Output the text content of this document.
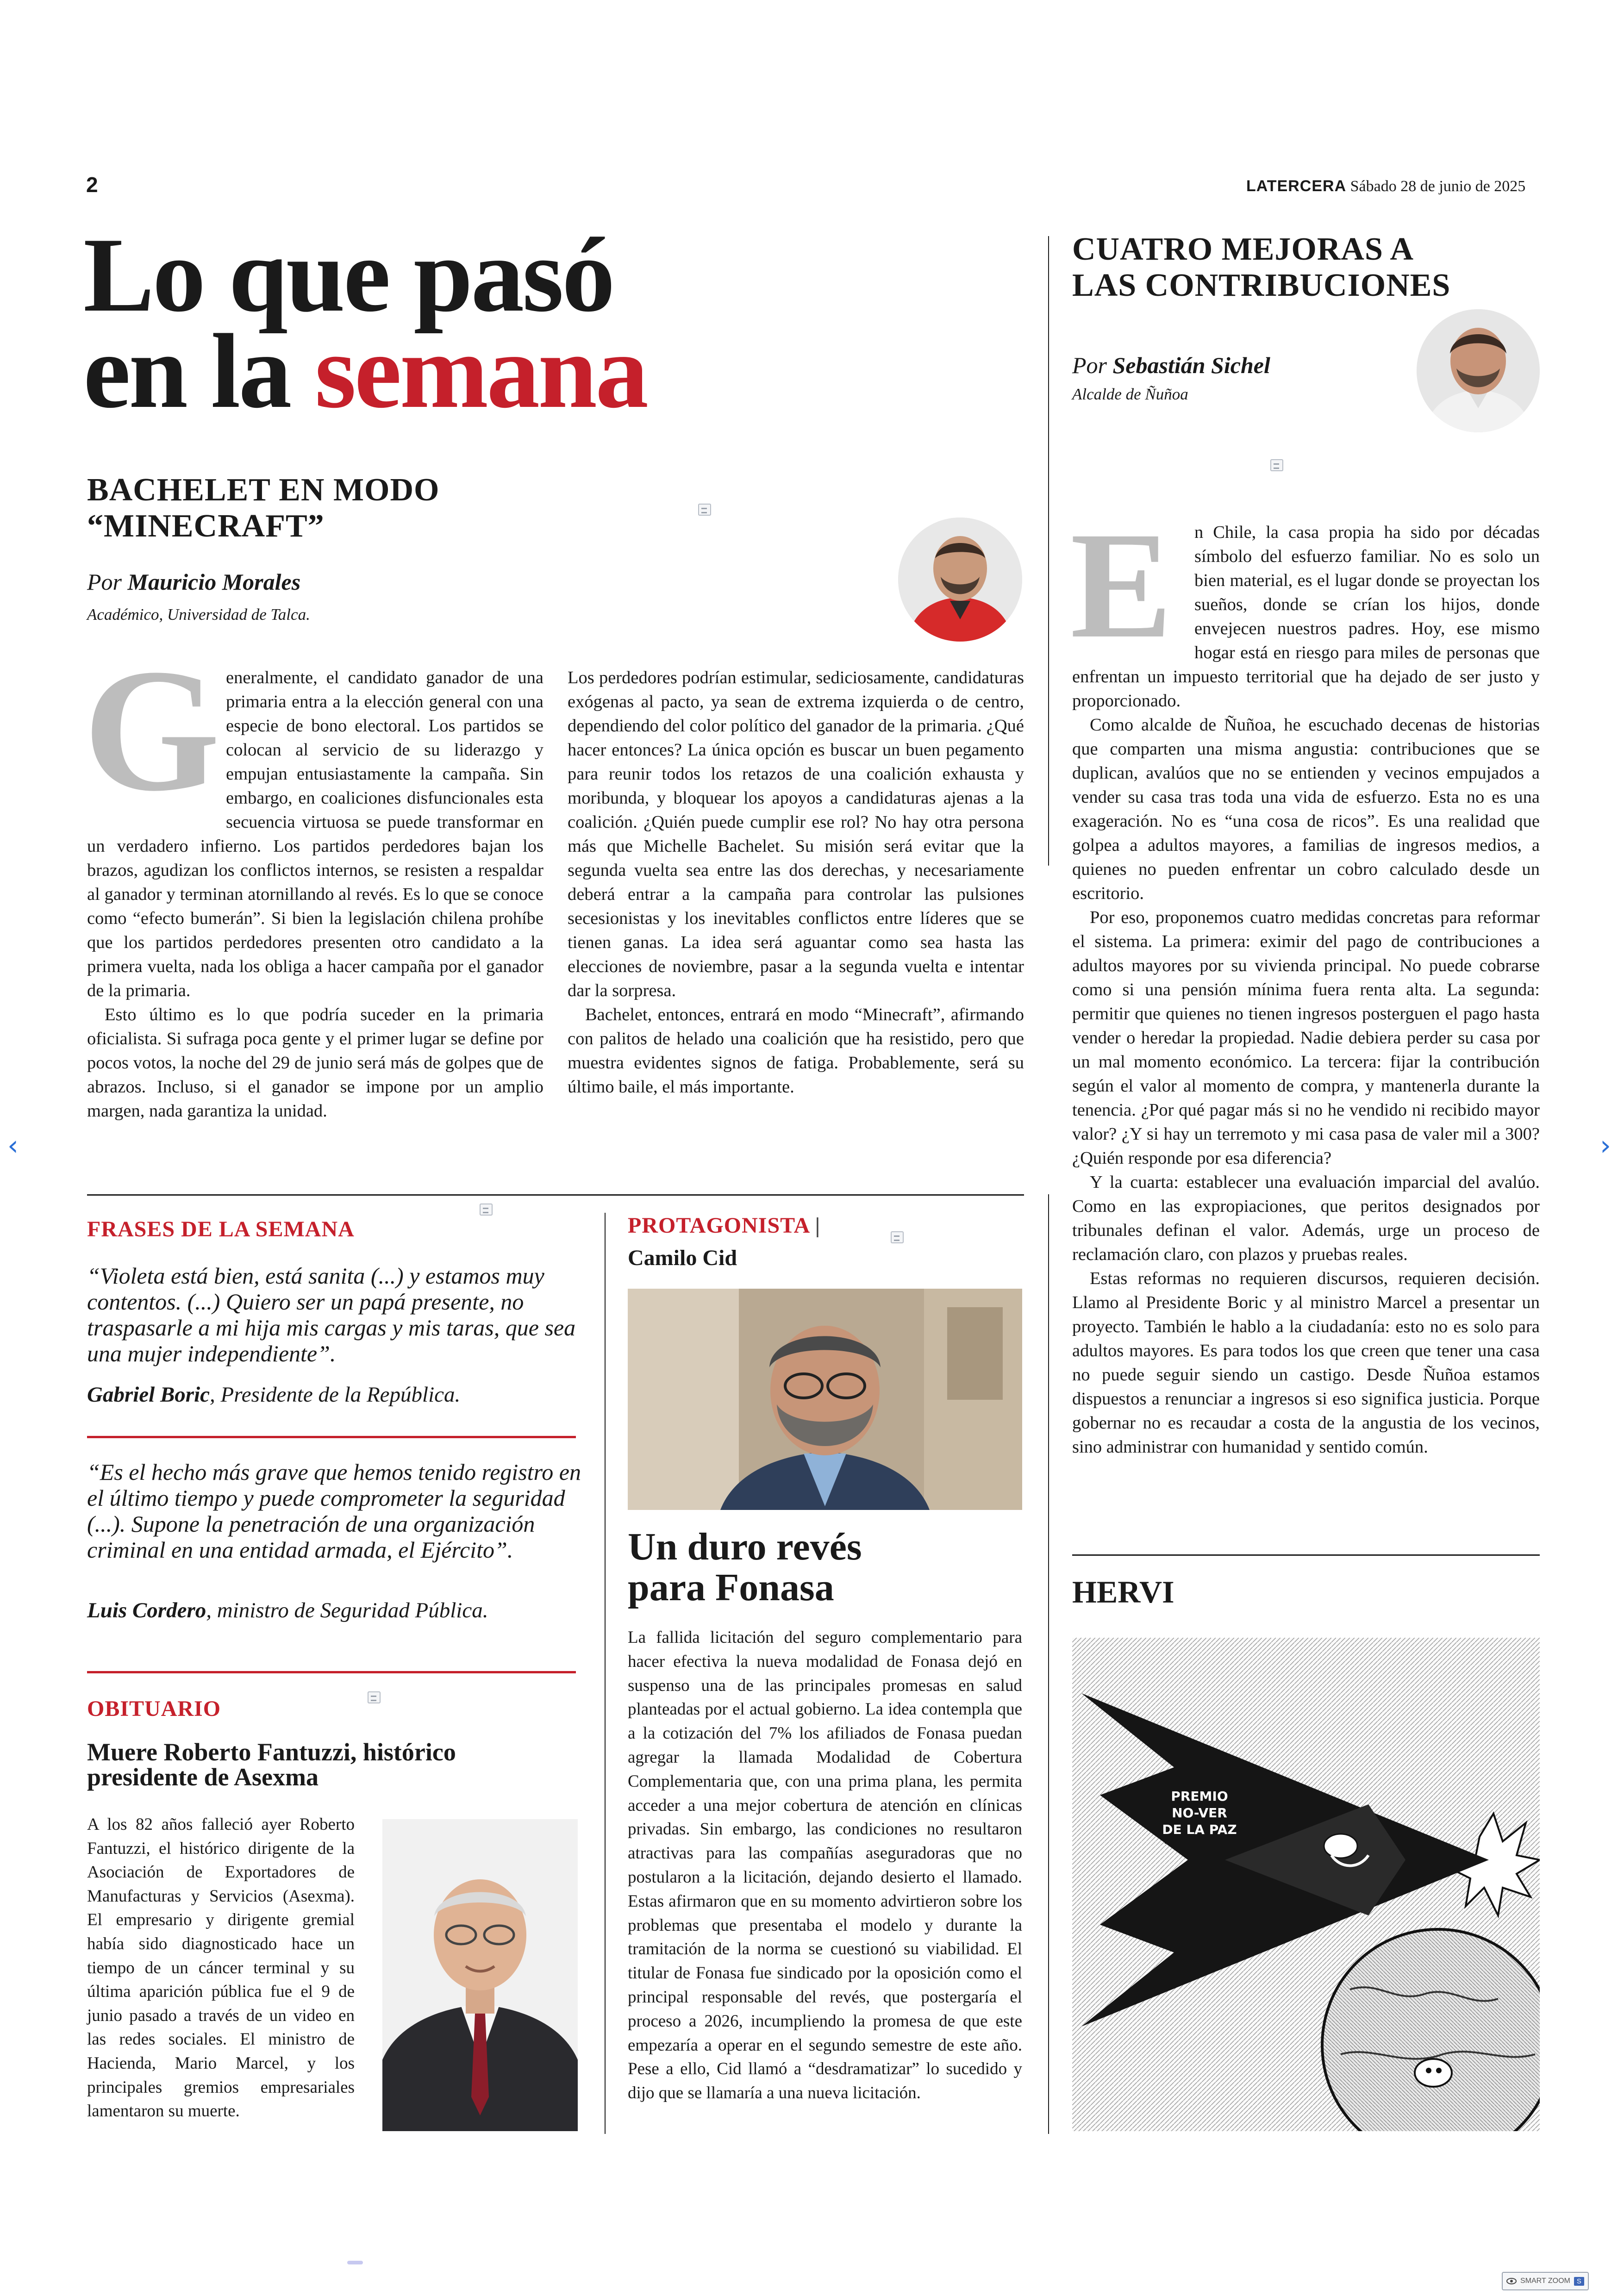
2	LATERCERA Sábado 28 de junio de 2025
Lo que pasó
en la semana
BACHELET EN MODO
“MINECRAFT”
Por Mauricio Morales
Académico, Universidad de Talca.
G eneralmente, el candidato ganador de una primaria entra a la elección general con una especie de bono electoral. Los partidos se colocan al servicio de su liderazgo y empujan entusiastamente la campaña. Sin embargo, en coaliciones disfuncionales esta secuencia virtuosa se puede transformar en un verdadero infierno. Los partidos perdedores bajan los brazos, agudizan los conflictos internos, se resisten a respaldar al ganador y terminan atornillando al revés. Es lo que se conoce como “efecto bumerán”. Si bien la legislación chilena prohíbe que los partidos perdedores presenten otro candidato a la primera vuelta, nada los obliga a hacer campaña por el ganador de la primaria.

Esto último es lo que podría suceder en la primaria oficialista. Si sufraga poca gente y el primer lugar se define por pocos votos, la noche del 29 de junio será más de golpes que de abrazos. Incluso, si el ganador se impone por un amplio margen, nada garantiza la unidad.

Los perdedores podrían estimular, sediciosamente, candidaturas exógenas al pacto, ya sean de extrema izquierda o de centro, dependiendo del color político del ganador de la primaria. ¿Qué hacer entonces? La única opción es buscar un buen pegamento para reunir todos los retazos de una coalición exhausta y moribunda, y bloquear los apoyos a candidaturas ajenas a la coalición. ¿Quién puede cumplir ese rol? No hay otra persona más que Michelle Bachelet. Su misión será evitar que la segunda vuelta sea entre las dos derechas, y necesariamente deberá entrar a la campaña para controlar las pulsiones secesionistas y los inevitables conflictos entre líderes que se tienen ganas. La idea será aguantar como sea hasta las elecciones de noviembre, pasar a la segunda vuelta e intentar dar la sorpresa.

Bachelet, entonces, entrará en modo “Minecraft”, afirmando con palitos de helado una coalición que ha resistido, pero que muestra evidentes signos de fatiga. Probablemente, será su último baile, el más importante.

FRASES DE LA SEMANA
“Violeta está bien, está sanita (...) y estamos muy contentos. (...) Quiero ser un papá presente, no traspasarle a mi hija mis cargas y mis taras, que sea una mujer independiente”.
Gabriel Boric, Presidente de la República.
“Es el hecho más grave que hemos tenido registro en el último tiempo y puede comprometer la seguridad (...). Supone la penetración de una organización criminal en una entidad armada, el Ejército”.
Luis Cordero, ministro de Seguridad Pública.
OBITUARIO
Muere Roberto Fantuzzi, histórico presidente de Asexma
A los 82 años falleció ayer Roberto Fantuzzi, el histórico dirigente de la Asociación de Exportadores de Manufacturas y Servicios (Asexma). El empresario y dirigente gremial había sido diagnosticado hace un tiempo de un cáncer terminal y su última aparición pública fue el 9 de junio pasado a través de un video en las redes sociales. El ministro de Hacienda, Mario Marcel, y los principales gremios empresariales lamentaron su muerte.
PROTAGONISTA |
Camilo Cid
Un duro revés
para Fonasa
La fallida licitación del seguro complementario para hacer efectiva la nueva modalidad de Fonasa dejó en suspenso una de las principales promesas en salud planteadas por el actual gobierno. La idea contempla que a la cotización del 7% los afiliados de Fonasa puedan agregar la llamada Modalidad de Cobertura Complementaria que, con una prima plana, les permita acceder a una mejor cobertura de atención en clínicas privadas. Sin embargo, las condiciones no resultaron atractivas para las compañías aseguradoras que no postularon a la licitación, dejando desierto el llamado. Estas afirmaron que en su momento advirtieron sobre los problemas que presentaba el modelo y durante la tramitación de la norma se cuestionó su viabilidad. El titular de Fonasa fue sindicado por la oposición como el principal responsable del revés, que postergaría el proceso a 2026, incumpliendo la promesa de que este empezaría a operar en el segundo semestre de este año. Pese a ello, Cid llamó a “desdramatizar” lo sucedido y dijo que se llamaría a una nueva licitación.
CUATRO MEJORAS A
LAS CONTRIBUCIONES
Por Sebastián Sichel
Alcalde de Ñuñoa
E	n Chile, la casa propia ha sido por décadas símbolo del esfuerzo familiar. No es solo un bien material, es el lugar donde se proyectan los sueños, donde se crían los hijos, donde envejecen nuestros padres. Hoy, ese mismo hogar está en riesgo para miles de personas que enfrentan un impuesto territorial que ha dejado de ser justo y proporcionado.

Como alcalde de Ñuñoa, he escuchado decenas de historias que comparten una misma angustia: contribuciones que se duplican, avalúos que no se entienden y vecinos empujados a vender su casa tras toda una vida de esfuerzo. Esta no es una exageración. No es “una cosa de ricos”. Es una realidad que golpea a adultos mayores, a familias de ingresos medios, a quienes no pueden enfrentar un cobro calculado desde un escritorio.

Por eso, proponemos cuatro medidas concretas para reformar el sistema. La primera: eximir del pago de contribuciones a adultos mayores por su vivienda principal. No puede cobrarse como si una pensión mínima fuera renta alta. La segunda: permitir que quienes no tienen ingresos posterguen el pago hasta vender o heredar la propiedad. Nadie debiera perder su casa por un mal momento económico. La tercera: fijar la contribución según el valor al momento de compra, y mantenerla durante la tenencia. ¿Por qué pagar más si no he vendido ni recibido mayor valor? ¿Y si hay un terremoto y mi casa pasa de valer mil a 300? ¿Quién responde por esa diferencia?

Y la cuarta: establecer una evaluación imparcial del avalúo. Como en las expropiaciones, que peritos designados por tribunales definan el valor. Además, urge un proceso de reclamación claro, con plazos y pruebas reales.

Estas reformas no requieren discursos, requieren decisión. Llamo al Presidente Boric y al ministro Marcel a presentar un proyecto. También le hablo a la ciudadanía: esto no es solo para adultos mayores. Es para todos los que creen que tener una casa no puede seguir siendo un castigo. Desde Ñuñoa estamos dispuestos a renunciar a ingresos si eso significa justicia. Porque gobernar no es recaudar a costa de la angustia de los vecinos, sino administrar con humanidad y sentido común.

HERVI
PREMIO
NO-VER
DE LA PAZ
‹	›
SMART ZOOM S
